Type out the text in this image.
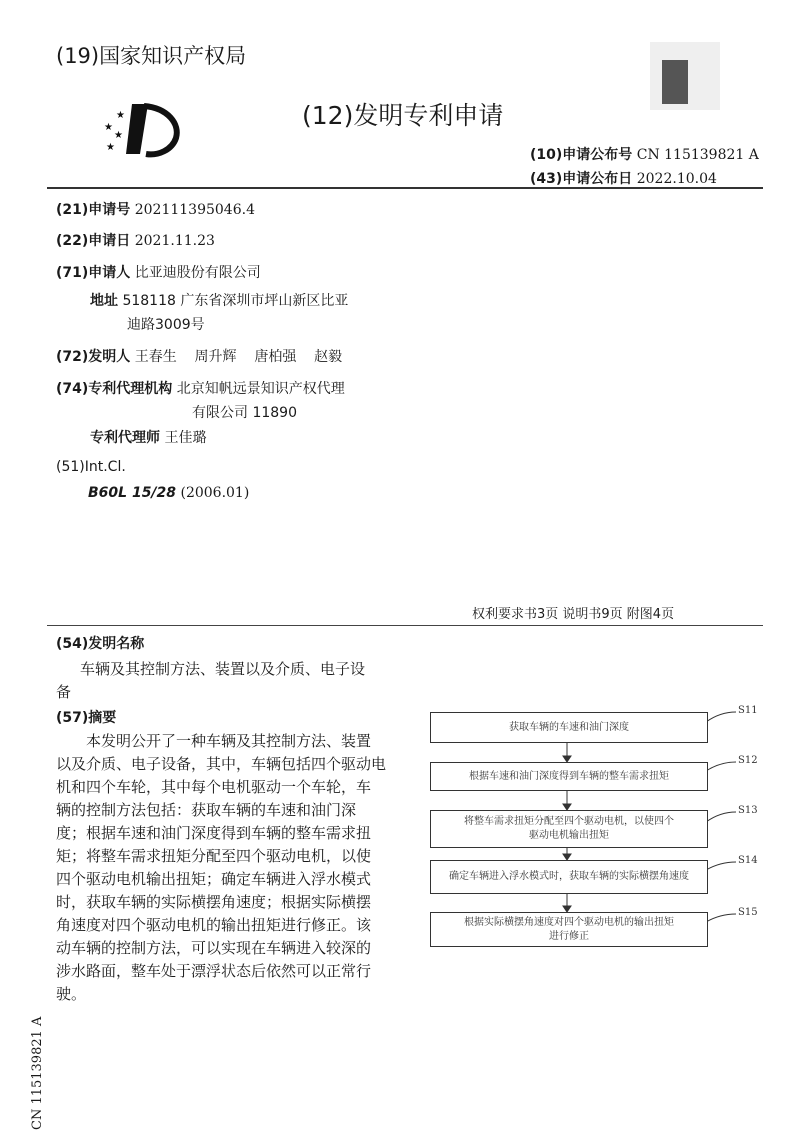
(19)国家知识产权局
★
★
★
★
(12)发明专利申请
(10)申请公布号 CN 115139821 A
(43)申请公布日 2022.10.04
(21)申请号 202111395046.4
(22)申请日 2021.11.23
(71)申请人 比亚迪股份有限公司
地址 518118 广东省深圳市坪山新区比亚
迪路3009号
(72)发明人 王春生 周升辉 唐柏强 赵毅
(74)专利代理机构 北京知帆远景知识产权代理
有限公司 11890
专利代理师 王佳璐
(51)Int.Cl.
B60L 15/28 (2006.01)
权利要求书3页 说明书9页 附图4页
(54)发明名称
车辆及其控制方法、装置以及介质、电子设
备
(57)摘要
本发明公开了一种车辆及其控制方法、装置
以及介质、电子设备，其中，车辆包括四个驱动电
机和四个车轮，其中每个电机驱动一个车轮，车
辆的控制方法包括：获取车辆的车速和油门深
度；根据车速和油门深度得到车辆的整车需求扭
矩；将整车需求扭矩分配至四个驱动电机，以使
四个驱动电机输出扭矩；确定车辆进入浮水模式
时，获取车辆的实际横摆角速度；根据实际横摆
角速度对四个驱动电机的输出扭矩进行修正。该
动车辆的控制方法，可以实现在车辆进入较深的
涉水路面，整车处于漂浮状态后依然可以正常行
驶。
获取车辆的车速和油门深度
根据车速和油门深度得到车辆的整车需求扭矩
将整车需求扭矩分配至四个驱动电机，以使四个
驱动电机输出扭矩
确定车辆进入浮水模式时，获取车辆的实际横摆角速度
根据实际横摆角速度对四个驱动电机的输出扭矩
进行修正
S11
S12
S13
S14
S15
CN 115139821 A
